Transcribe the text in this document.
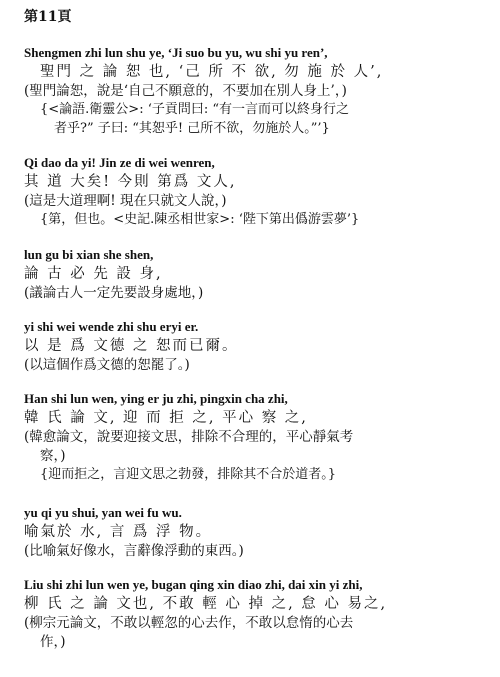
第11頁
Shengmen zhi lun shu ye, ‘Ji suo bu yu, wu shi yu ren’,
聖門 之 論 恕 也, ‘己 所 不 欲, 勿 施 於 人’,
(聖門論恕，說是‘自己不願意的，不要加在別人身上’，)
{<論語.衛靈公>: ‘子貢問曰: “有一言而可以終身行之
者乎?” 子曰: “其恕乎! 己所不欲，勿施於人。”’}
Qi dao da yi! Jin ze di wei wenren,
其 道 大矣! 今則 第爲 文人,
(這是大道理啊! 現在只就文人說，)
{第，但也。<史記.陳丞相世家>: ‘陛下第出僞游雲夢’}
lun gu bi xian she shen,
論 古 必 先 設 身,
(議論古人一定先要設身處地，)
yi shi wei wende zhi shu eryi er.
以 是 爲 文德 之 恕而已爾。
(以這個作爲文德的恕罷了。)
Han shi lun wen, ying er ju zhi, pingxin cha zhi,
韓 氏 論 文, 迎 而 拒 之, 平心 察 之,
(韓愈論文，說要迎接文思，排除不合理的，平心靜氣考
察，)
{迎而拒之，言迎文思之勃發，排除其不合於道者。}
yu qi yu shui, yan wei fu wu.
喻氣於 水, 言 爲 浮 物。
(比喻氣好像水，言辭像浮動的東西。)
Liu shi zhi lun wen ye, bugan qing xin diao zhi, dai xin yi zhi,
柳 氏 之 論 文也, 不敢 輕 心 掉 之, 怠 心 易之,
(柳宗元論文，不敢以輕忽的心去作，不敢以怠惰的心去
作，)
